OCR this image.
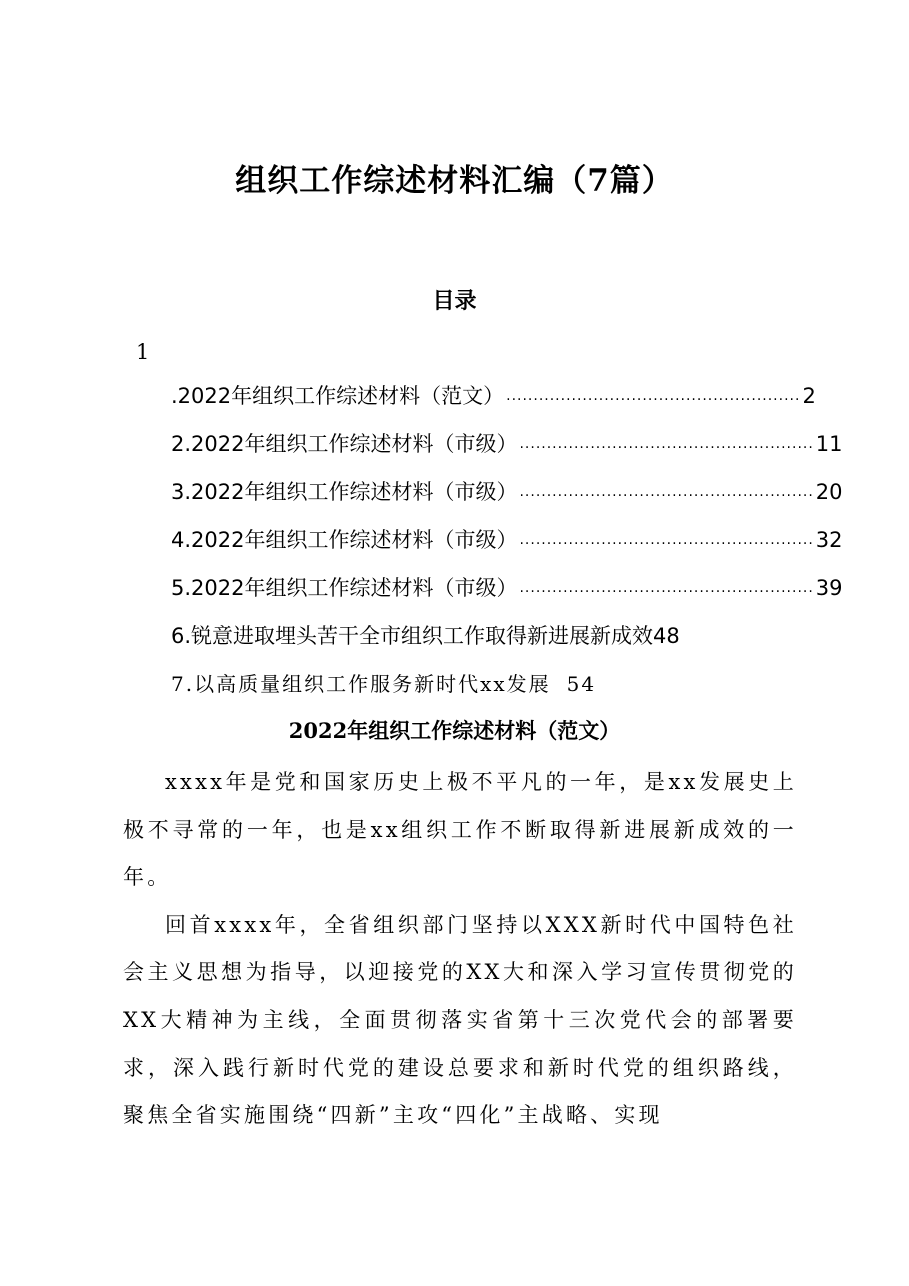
组织工作综述材料汇编（7篇）
目录
1
.2022年组织工作综述材料（范文） ...................................................... 2
2.2022年组织工作综述材料（市级） ...................................................... 11
3.2022年组织工作综述材料（市级） ...................................................... 20
4.2022年组织工作综述材料（市级） ...................................................... 32
5.2022年组织工作综述材料（市级） ...................................................... 39
6.锐意进取埋头苦干全市组织工作取得新进展新成效 48
7.以高质量组织工作服务新时代xx发展 54
2022年组织工作综述材料（范文）

xxxx年是党和国家历史上极不平凡的一年，是xx发展史上极不寻常的一年，也是xx组织工作不断取得新进展新成效的一年。

回首xxxx年，全省组织部门坚持以XXX新时代中国特色社会主义思想为指导，以迎接党的XX大和深入学习宣传贯彻党的XX大精神为主线，全面贯彻落实省第十三次党代会的部署要求，深入践行新时代党的建设总要求和新时代党的组织路线，聚焦全省实施围绕“四新”主攻“四化”主战略、实现
